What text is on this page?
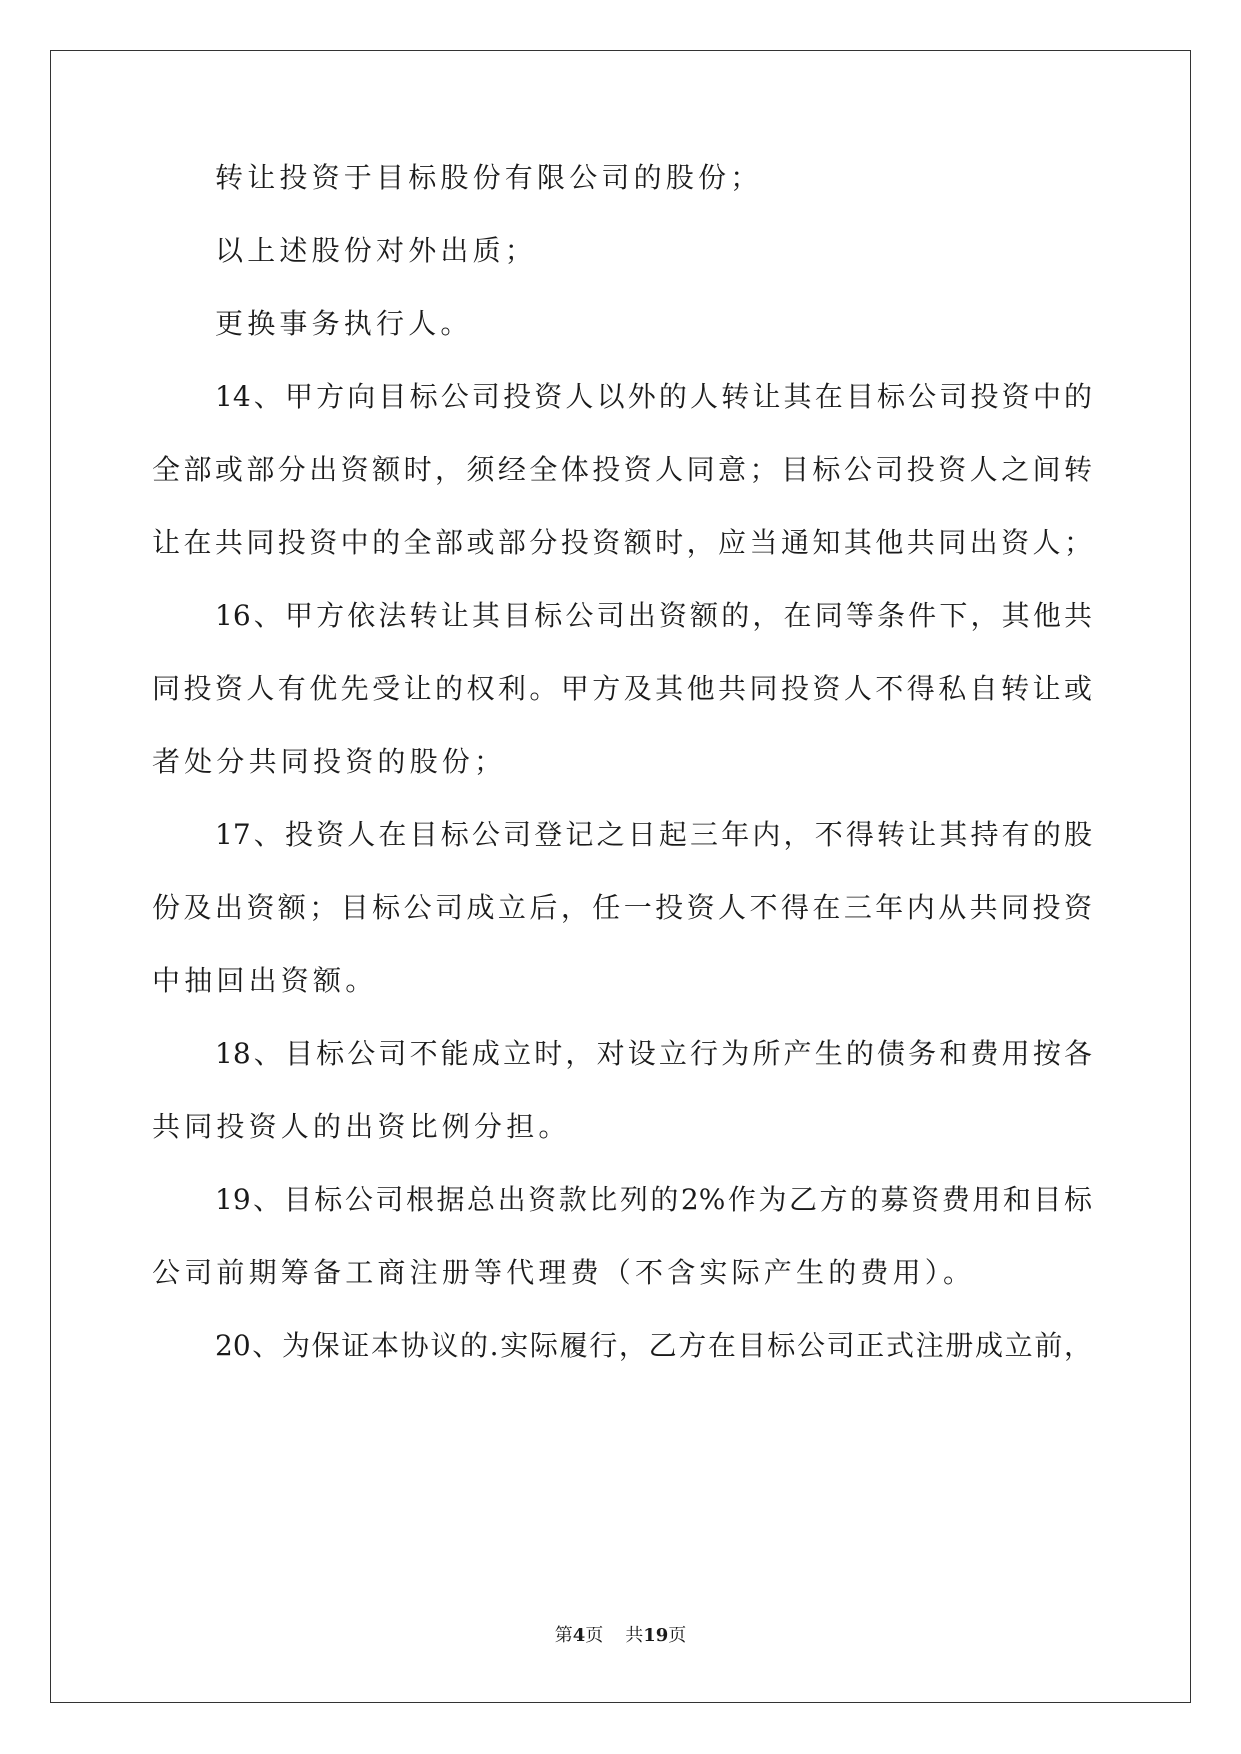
转让投资于目标股份有限公司的股份；
以上述股份对外出质；
更换事务执行人。
14、甲方向目标公司投资人以外的人转让其在目标公司投资中的
全部或部分出资额时，须经全体投资人同意；目标公司投资人之间转
让在共同投资中的全部或部分投资额时，应当通知其他共同出资人；
16、甲方依法转让其目标公司出资额的，在同等条件下，其他共
同投资人有优先受让的权利。甲方及其他共同投资人不得私自转让或
者处分共同投资的股份；
17、投资人在目标公司登记之日起三年内，不得转让其持有的股
份及出资额；目标公司成立后，任一投资人不得在三年内从共同投资
中抽回出资额。
18、目标公司不能成立时，对设立行为所产生的债务和费用按各
共同投资人的出资比例分担。
19、目标公司根据总出资款比列的2%作为乙方的募资费用和目标
公司前期筹备工商注册等代理费（不含实际产生的费用）。
20、为保证本协议的.实际履行，乙方在目标公司正式注册成立前，
第4页 共19页
